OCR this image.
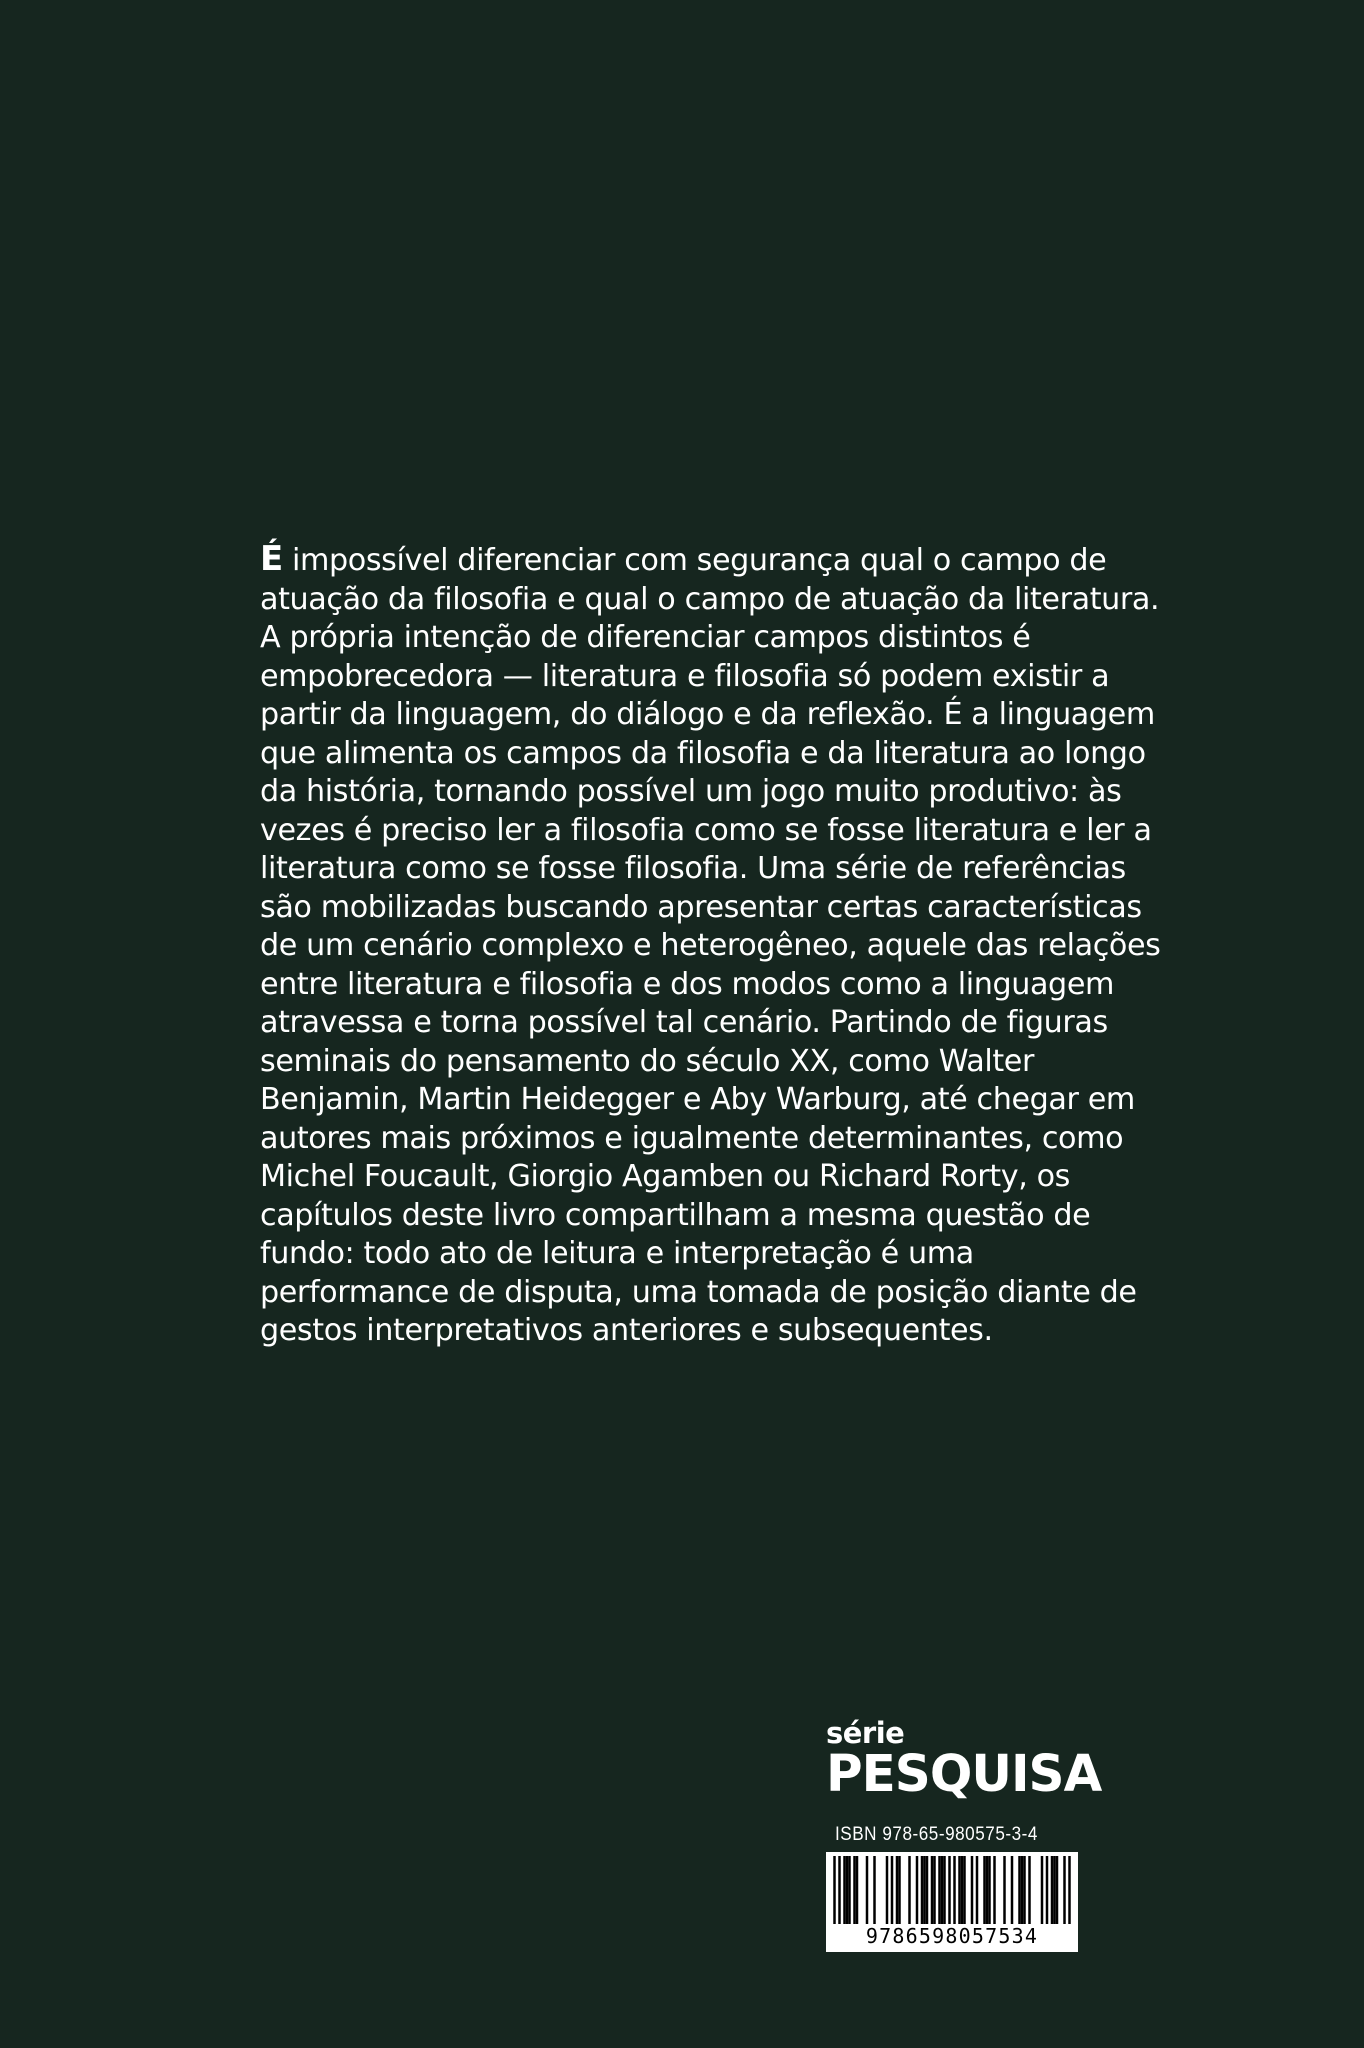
É impossível diferenciar com segurança qual o campo de
atuação da filosofia e qual o campo de atuação da literatura.
A própria intenção de diferenciar campos distintos é
empobrecedora — literatura e filosofia só podem existir a
partir da linguagem, do diálogo e da reflexão. É a linguagem
que alimenta os campos da filosofia e da literatura ao longo
da história, tornando possível um jogo muito produtivo: às
vezes é preciso ler a filosofia como se fosse literatura e ler a
literatura como se fosse filosofia. Uma série de referências
são mobilizadas buscando apresentar certas características
de um cenário complexo e heterogêneo, aquele das relações
entre literatura e filosofia e dos modos como a linguagem
atravessa e torna possível tal cenário. Partindo de figuras
seminais do pensamento do século XX, como Walter
Benjamin, Martin Heidegger e Aby Warburg, até chegar em
autores mais próximos e igualmente determinantes, como
Michel Foucault, Giorgio Agamben ou Richard Rorty, os
capítulos deste livro compartilham a mesma questão de
fundo: todo ato de leitura e interpretação é uma
performance de disputa, uma tomada de posição diante de
gestos interpretativos anteriores e subsequentes.

série
PESQUISA
ISBN 978-65-980575-3-4
9786598057534
